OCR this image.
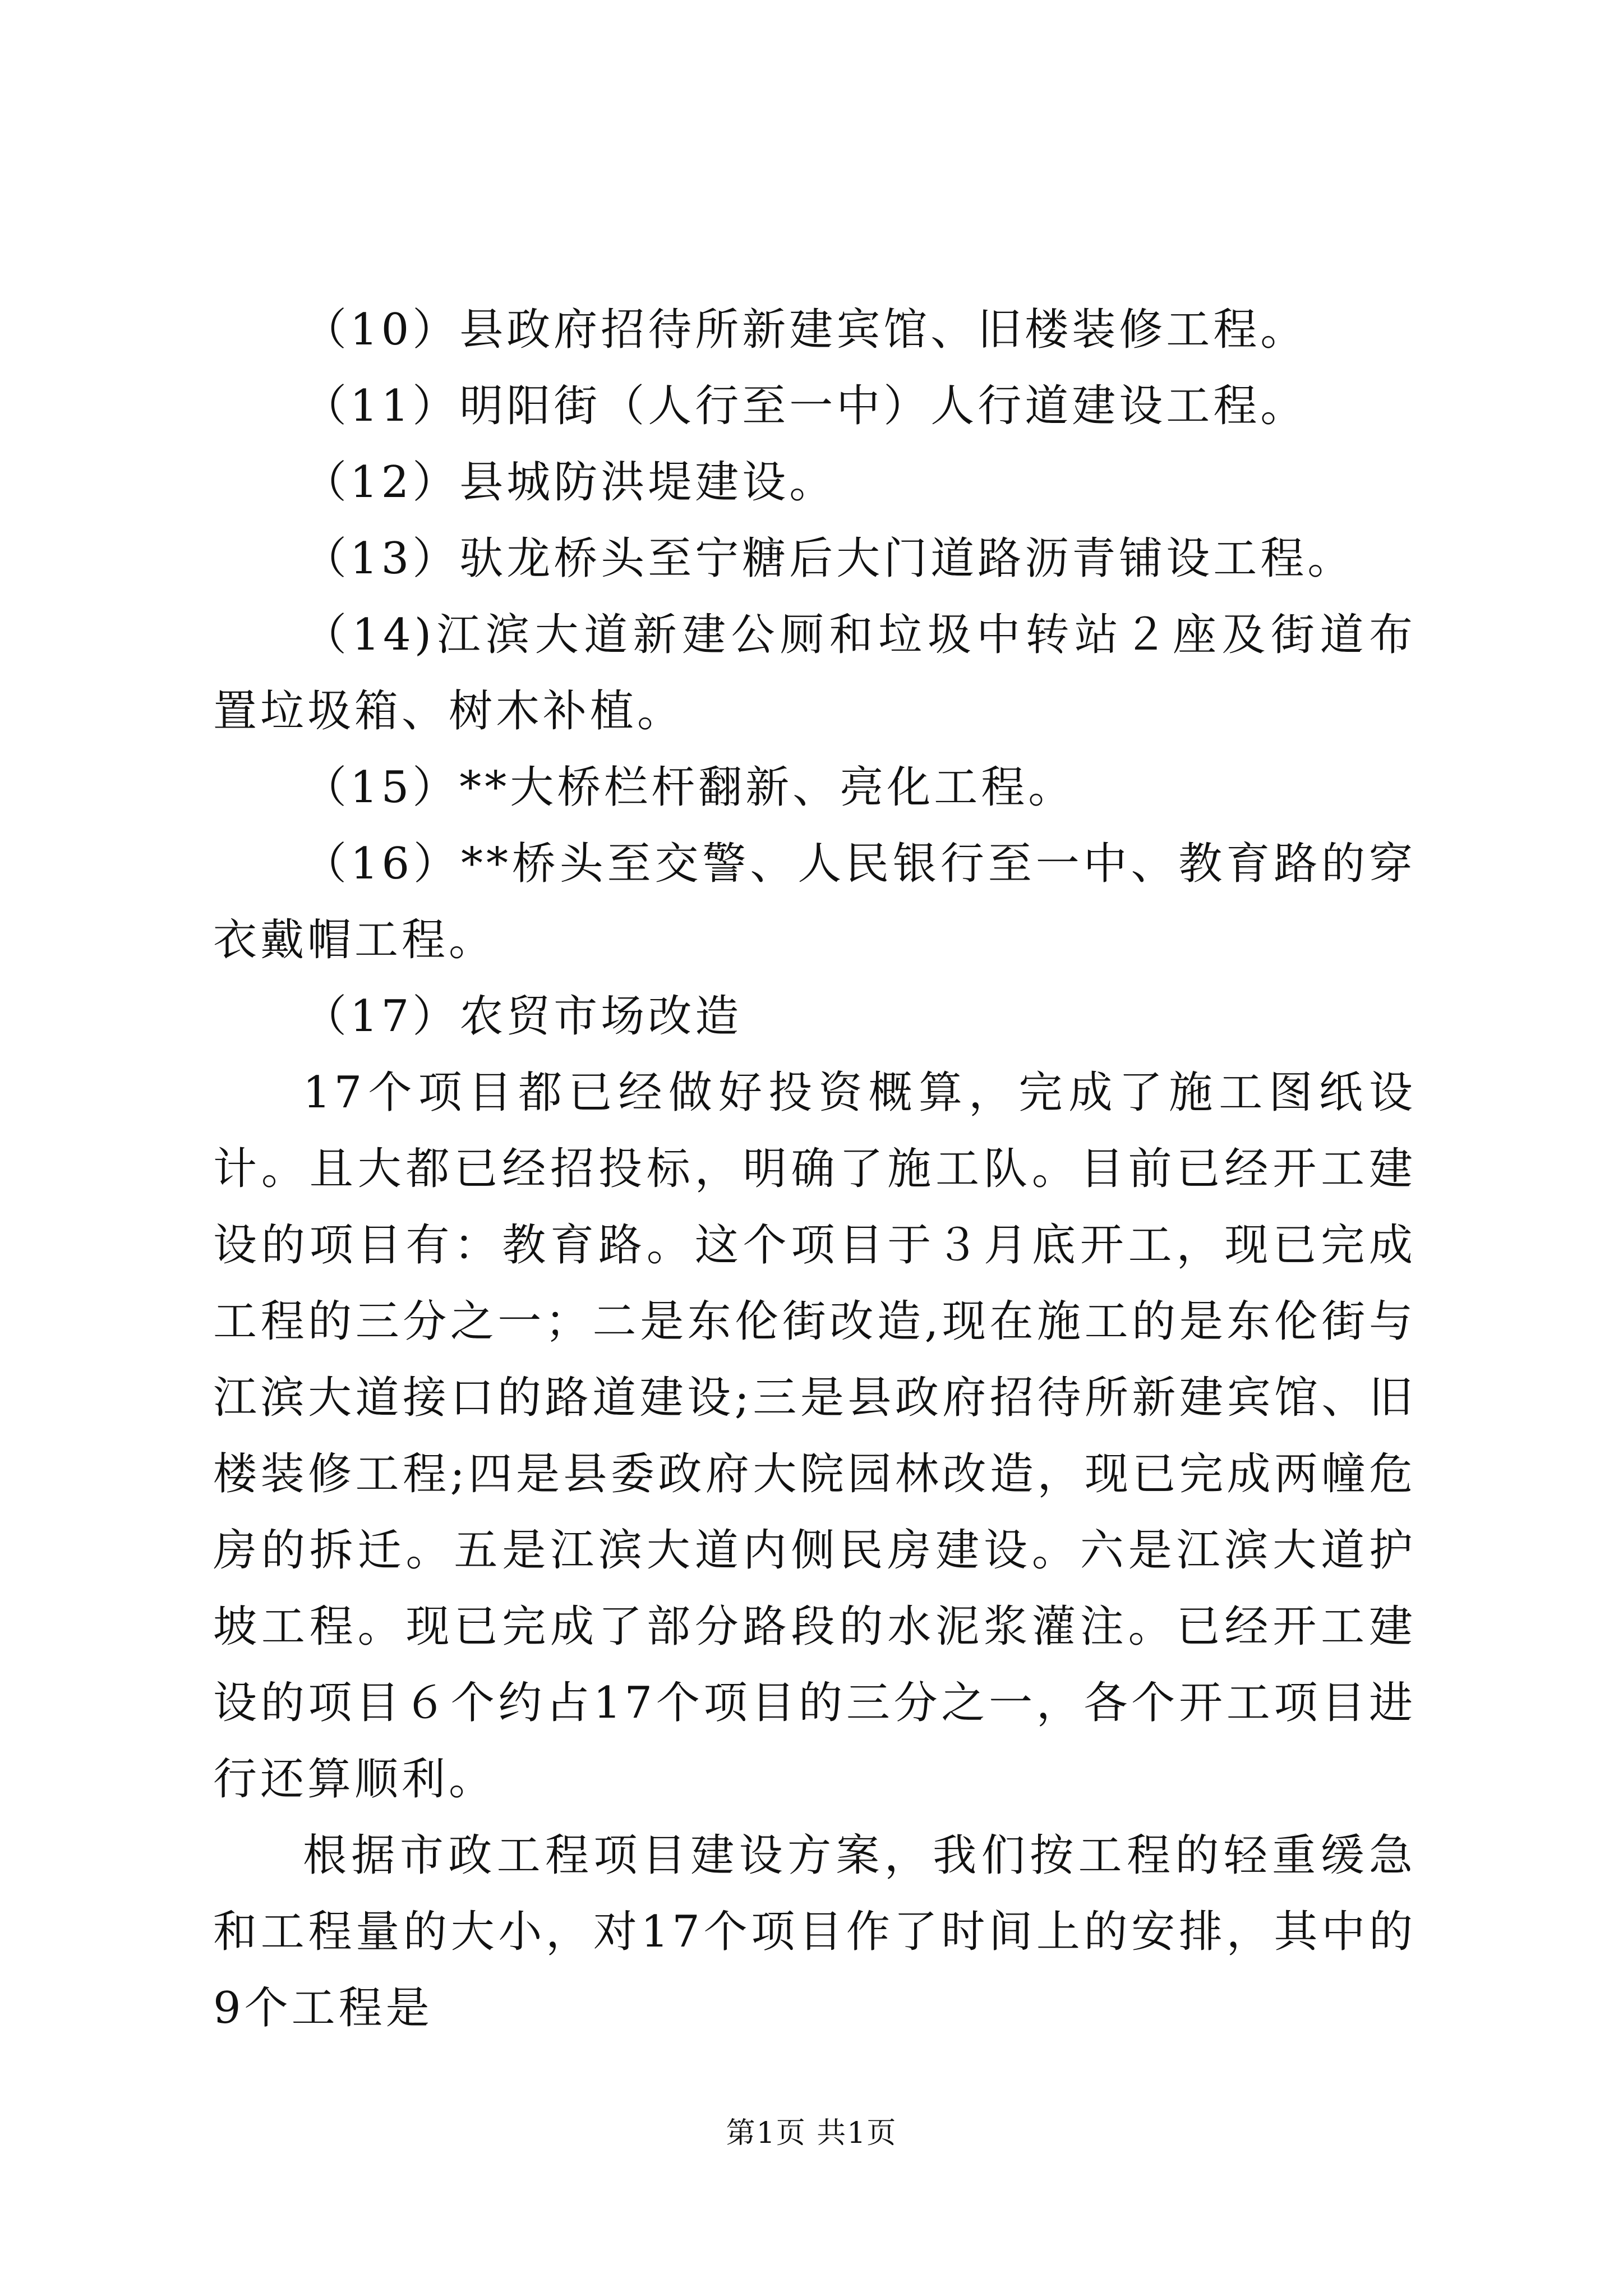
（10）县政府招待所新建宾馆、旧楼装修工程。
（11）明阳街（人行至一中）人行道建设工程。
（12）县城防洪堤建设。
（13）驮龙桥头至宁糖后大门道路沥青铺设工程。
（14)江滨大道新建公厕和垃圾中转站２座及街道布置垃圾箱、树木补植。
（15）**大桥栏杆翻新、亮化工程。
（16）**桥头至交警、人民银行至一中、教育路的穿衣戴帽工程。
（17）农贸市场改造

17个项目都已经做好投资概算，完成了施工图纸设计。且大都已经招投标，明确了施工队。目前已经开工建设的项目有：教育路。这个项目于３月底开工，现已完成工程的三分之一；二是东伦街改造,现在施工的是东伦街与江滨大道接口的路道建设;三是县政府招待所新建宾馆、旧楼装修工程;四是县委政府大院园林改造，现已完成两幢危房的拆迁。五是江滨大道内侧民房建设。六是江滨大道护坡工程。现已完成了部分路段的水泥浆灌注。已经开工建设的项目６个约占17个项目的三分之一，各个开工项目进行还算顺利。

根据市政工程项目建设方案，我们按工程的轻重缓急和工程量的大小，对17个项目作了时间上的安排，其中的9个工程是

第1页 共1页
